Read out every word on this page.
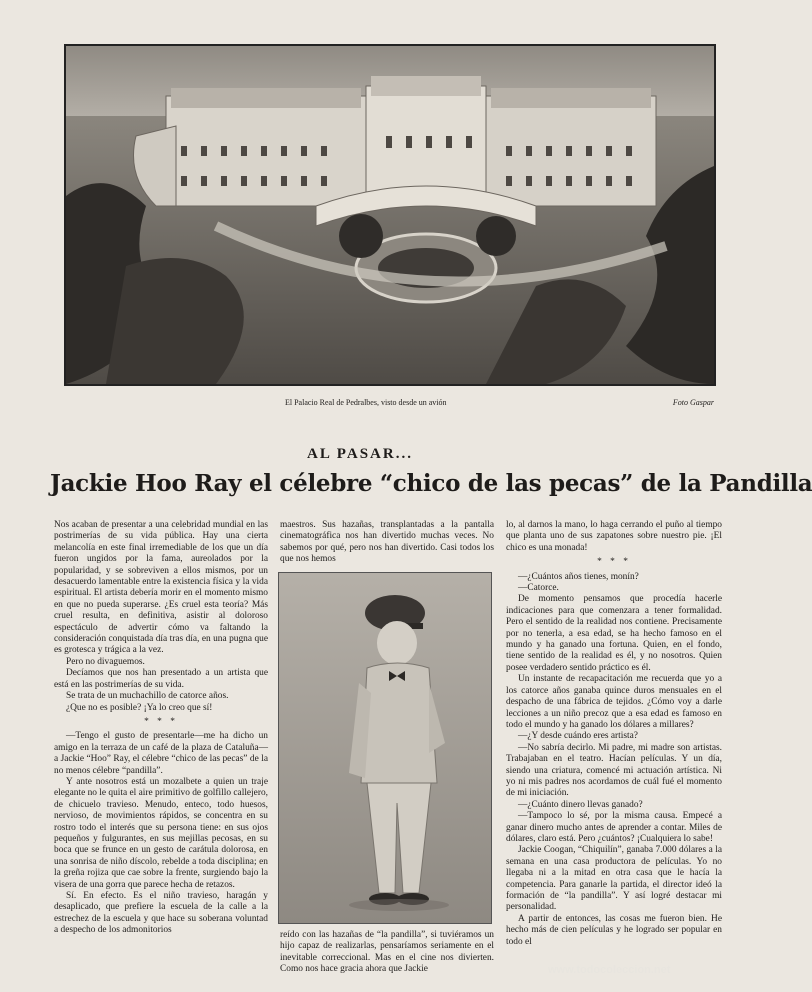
El Palacio Real de Pedralbes, visto desde un avión	Foto Gaspar
AL PASAR...
Jackie Hoo Ray el célebre “chico de las pecas” de la Pandilla

Nos acaban de presentar a una celebridad mundial en las postrimerías de su vida pública. Hay una cierta melancolía en este final irremediable de los que un día fueron ungidos por la fama, aureolados por la popularidad, y se sobreviven a ellos mismos, por un desacuerdo lamentable entre la existencia física y la vida espiritual. El artista debería morir en el momento mismo en que no pueda superarse. ¿Es cruel esta teoría? Más cruel resulta, en definitiva, asistir al doloroso espectáculo de advertir cómo va faltando la consideración conquistada día tras día, en una pugna que es grotesca y trágica a la vez.

Pero no divaguemos.

Decíamos que nos han presentado a un artista que está en las postrimerías de su vida.

Se trata de un muchachillo de catorce años.

¿Que no es posible? ¡Ya lo creo que sí!

* * *

—Tengo el gusto de presentarle—me ha dicho un amigo en la terraza de un café de la plaza de Cataluña—a Jackie “Hoo” Ray, el célebre “chico de las pecas” de la no menos célebre “pandilla”.

Y ante nosotros está un mozalbete a quien un traje elegante no le quita el aire primitivo de golfillo callejero, de chicuelo travieso. Menudo, enteco, todo huesos, nervioso, de movimientos rápidos, se concentra en su rostro todo el interés que su persona tiene: en sus ojos pequeños y fulgurantes, en sus mejillas pecosas, en su boca que se frunce en un gesto de carátula dolorosa, en una sonrisa de niño díscolo, rebelde a toda disciplina; en la greña rojiza que cae sobre la frente, surgiendo bajo la visera de una gorra que parece hecha de retazos.

Sí. En efecto. Es el niño travieso, haragán y desaplicado, que prefiere la escuela de la calle a la estrechez de la escuela y que hace su soberana voluntad a despecho de los admonitorios

maestros. Sus hazañas, transplantadas a la pantalla cinematográfica nos han divertido muchas veces. No sabemos por qué, pero nos han divertido. Casi todos los que nos hemos

reído con las hazañas de “la pandilla”, si tuviéramos un hijo capaz de realizarlas, pensaríamos seriamente en el inevitable correccional. Mas en el cine nos divierten. Como nos hace gracia ahora que Jackie

lo, al darnos la mano, lo haga cerrando el puño al tiempo que planta uno de sus zapatones sobre nuestro pie. ¡El chico es una monada!

* * *

—¿Cuántos años tienes, monín?

—Catorce.

De momento pensamos que procedía hacerle indicaciones para que comenzara a tener formalidad. Pero el sentido de la realidad nos contiene. Precisamente por no tenerla, a esa edad, se ha hecho famoso en el mundo y ha ganado una fortuna. Quien, en el fondo, tiene sentido de la realidad es él, y no nosotros. Quien posee verdadero sentido práctico es él.

Un instante de recapacitación me recuerda que yo a los catorce años ganaba quince duros mensuales en el despacho de una fábrica de tejidos. ¿Cómo voy a darle lecciones a un niño precoz que a esa edad es famoso en todo el mundo y ha ganado los dólares a millares?

—¿Y desde cuándo eres artista?

—No sabría decirlo. Mi padre, mi madre son artistas. Trabajaban en el teatro. Hacían películas. Y un día, siendo una criatura, comencé mi actuación artística. Ni yo ni mis padres nos acordamos de cuál fué el momento de mi iniciación.

—¿Cuánto dinero llevas ganado?

—Tampoco lo sé, por la misma causa. Empecé a ganar dinero mucho antes de aprender a contar. Miles de dólares, claro está. Pero ¿cuántos? ¡Cualquiera lo sabe!

Jackie Coogan, “Chiquilín”, ganaba 7.000 dólares a la semana en una casa productora de películas. Yo no llegaba ni a la mitad en otra casa que le hacía la competencia. Para ganarle la partida, el director ideó la formación de “la pandilla”. Y así logré destacar mi personalidad.

A partir de entonces, las cosas me fueron bien. He hecho más de cien películas y he logrado ser popular en todo el

www.todocoleccion.net
